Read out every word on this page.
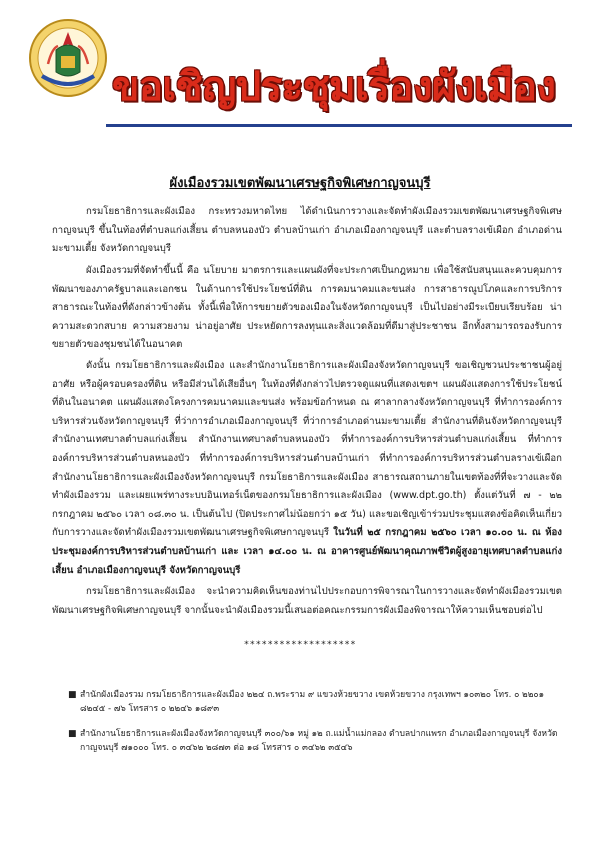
ขอเชิญประชุมเรื่องผังเมือง
ผังเมืองรวมเขตพัฒนาเศรษฐกิจพิเศษกาญจนบุรี

กรมโยธาธิการและผังเมือง กระทรวงมหาดไทย ได้ดำเนินการวางและจัดทำผังเมืองรวมเขตพัฒนาเศรษฐกิจพิเศษกาญจนบุรี ขึ้นในท้องที่ตำบลแก่งเสี้ยน ตำบลหนองบัว ตำบลบ้านเก่า อำเภอเมืองกาญจนบุรี และตำบลรางเข้เผือก อำเภอด่านมะขามเตี้ย จังหวัดกาญจนบุรี

ผังเมืองรวมที่จัดทำขึ้นนี้ คือ นโยบาย มาตรการและแผนผังที่จะประกาศเป็นกฎหมาย เพื่อใช้สนับสนุนและควบคุมการพัฒนาของภาครัฐบาลและเอกชน ในด้านการใช้ประโยชน์ที่ดิน การคมนาคมและขนส่ง การสาธารณูปโภคและการบริการสาธารณะในท้องที่ดังกล่าวข้างต้น ทั้งนี้เพื่อให้การขยายตัวของเมืองในจังหวัดกาญจนบุรี เป็นไปอย่างมีระเบียบเรียบร้อย น่าความสะดวกสบาย ความสวยงาม น่าอยู่อาศัย ประหยัดการลงทุนและสิ่งแวดล้อมที่ดีมาสู่ประชาชน อีกทั้งสามารถรองรับการขยายตัวของชุมชนได้ในอนาคต

ดังนั้น กรมโยธาธิการและผังเมือง และสำนักงานโยธาธิการและผังเมืองจังหวัดกาญจนบุรี ขอเชิญชวนประชาชนผู้อยู่อาศัย หรือผู้ครอบครองที่ดิน หรือมีส่วนได้เสียอื่นๆ ในท้องที่ดังกล่าวไปตรวจดูแผนที่แสดงเขตฯ แผนผังแสดงการใช้ประโยชน์ที่ดินในอนาคต แผนผังแสดงโครงการคมนาคมและขนส่ง พร้อมข้อกำหนด ณ ศาลากลางจังหวัดกาญจนบุรี ที่ทำการองค์การบริหารส่วนจังหวัดกาญจนบุรี ที่ว่าการอำเภอเมืองกาญจนบุรี ที่ว่าการอำเภอด่านมะขามเตี้ย สำนักงานที่ดินจังหวัดกาญจนบุรี สำนักงานเทศบาลตำบลแก่งเสี้ยน สำนักงานเทศบาลตำบลหนองบัว ที่ทำการองค์การบริหารส่วนตำบลแก่งเสี้ยน ที่ทำการองค์การบริหารส่วนตำบลหนองบัว ที่ทำการองค์การบริหารส่วนตำบลบ้านเก่า ที่ทำการองค์การบริหารส่วนตำบลรางเข้เผือก สำนักงานโยธาธิการและผังเมืองจังหวัดกาญจนบุรี กรมโยธาธิการและผังเมือง สาธารณสถานภายในเขตท้องที่ที่จะวางและจัดทำผังเมืองรวม และเผยแพร่ทางระบบอินเทอร์เน็ตของกรมโยธาธิการและผังเมือง (www.dpt.go.th) ตั้งแต่วันที่ ๗ - ๒๒ กรกฎาคม ๒๕๖๐ เวลา ๐๘.๓๐ น. เป็นต้นไป (ปิดประกาศไม่น้อยกว่า ๑๕ วัน) และขอเชิญเข้าร่วมประชุมแสดงข้อคิดเห็นเกี่ยวกับการวางและจัดทำผังเมืองรวมเขตพัฒนาเศรษฐกิจพิเศษกาญจนบุรี ในวันที่ ๒๕ กรกฎาคม ๒๕๖๐ เวลา ๑๐.๐๐ น. ณ ห้องประชุมองค์การบริหารส่วนตำบลบ้านเก่า และ เวลา ๑๔.๐๐ น. ณ อาคารศูนย์พัฒนาคุณภาพชีวิตผู้สูงอายุเทศบาลตำบลแก่งเสี้ยน อำเภอเมืองกาญจนบุรี จังหวัดกาญจนบุรี

กรมโยธาธิการและผังเมือง จะนำความคิดเห็นของท่านไปประกอบการพิจารณาในการวางและจัดทำผังเมืองรวมเขตพัฒนาเศรษฐกิจพิเศษกาญจนบุรี จากนั้นจะนำผังเมืองรวมนี้เสนอต่อคณะกรรมการผังเมืองพิจารณาให้ความเห็นชอบต่อไป

*******************
■ สำนักผังเมืองรวม กรมโยธาธิการและผังเมือง ๒๒๔ ถ.พระราม ๙ แขวงห้วยขวาง เขตห้วยขวาง กรุงเทพฯ ๑๐๓๒๐ โทร. ๐ ๒๒๐๑ ๘๒๔๕ - ๗๖ โทรสาร ๐ ๒๒๔๖ ๑๘๙๓
■ สำนักงานโยธาธิการและผังเมืองจังหวัดกาญจนบุรี ๓๐๐/๖๑ หมู่ ๑๒ ถ.แม่น้ำแม่กลอง ตำบลปากแพรก อำเภอเมืองกาญจนบุรี จังหวัดกาญจนบุรี ๗๑๐๐๐ โทร. ๐ ๓๔๖๒ ๒๘๗๓ ต่อ ๑๘ โทรสาร ๐ ๓๔๖๒ ๓๕๔๖
